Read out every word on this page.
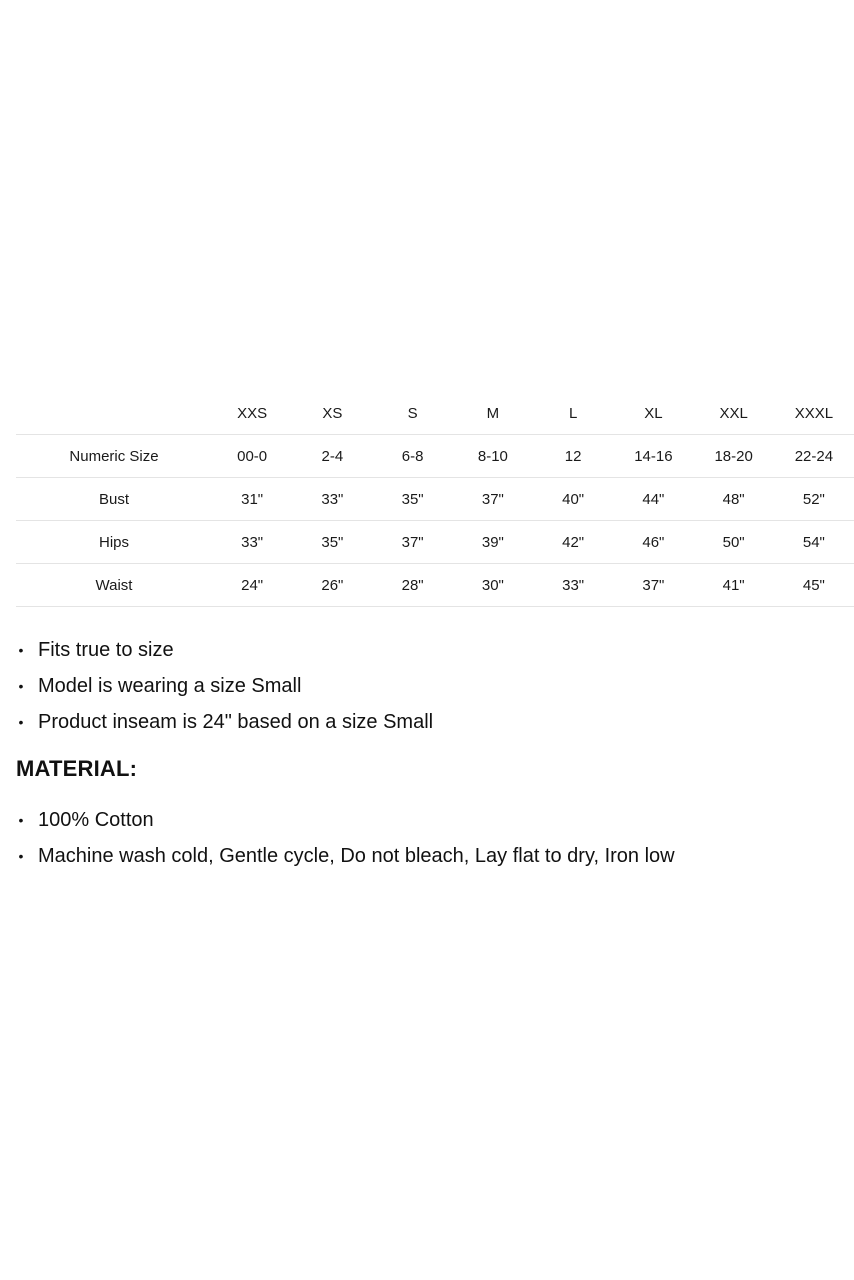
	XXS	XS	S	M	L	XL	XXL	XXXL
Numeric Size	00-0	2-4	6-8	8-10	12	14-16	18-20	22-24
Bust	31"	33"	35"	37"	40"	44"	48"	52"
Hips	33"	35"	37"	39"	42"	46"	50"	54"
Waist	24"	26"	28"	30"	33"	37"	41"	45"
• Fits true to size
• Model is wearing a size Small
• Product inseam is 24" based on a size Small
MATERIAL:
• 100% Cotton
• Machine wash cold, Gentle cycle, Do not bleach, Lay flat to dry, Iron low
